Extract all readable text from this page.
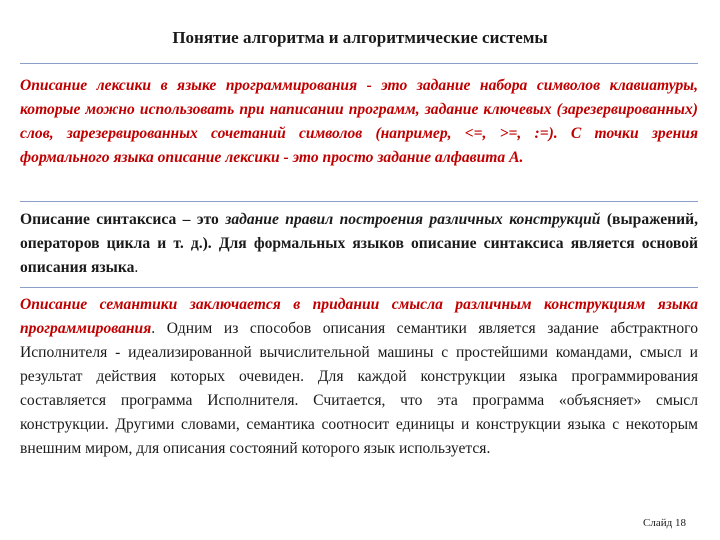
Понятие алгоритма и алгоритмические системы
Описание лексики в языке программирования - это задание набора символов клавиатуры, которые можно использовать при написании программ, задание ключевых (зарезервированных) слов, зарезервированных сочетаний символов (например, <=, >=, :=). С точки зрения формального языка описание лексики - это просто задание алфавита А.
Описание синтаксиса – это задание правил построения различных конструкций (выражений, операторов цикла и т. д.). Для формальных языков описание синтаксиса является основой описания языка.
Описание семантики заключается в придании смысла различным конструкциям языка программирования. Одним из способов описания семантики является задание абстрактного Исполнителя - идеализированной вычислительной машины с простейшими командами, смысл и результат действия которых очевиден. Для каждой конструкции языка программирования составляется программа Исполнителя. Считается, что эта программа «объясняет» смысл конструкции. Другими словами, семантика соотносит единицы и конструкции языка с некоторым внешним миром, для описания состояний которого язык используется.
Слайд 18
